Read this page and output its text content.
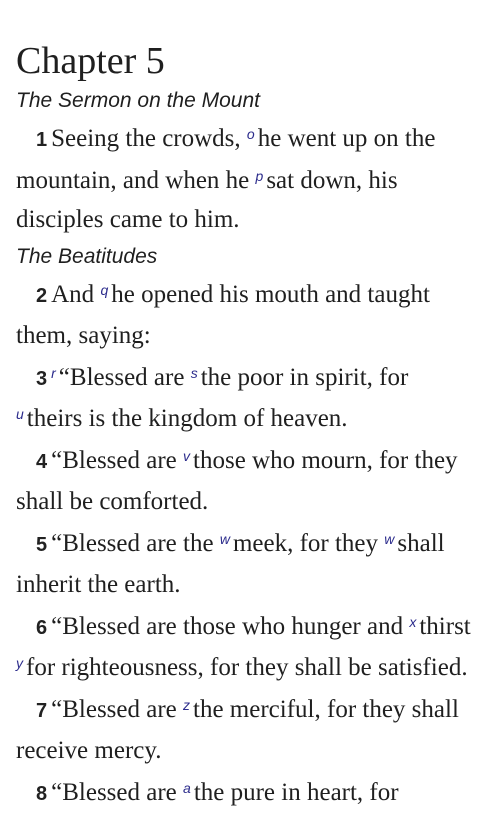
Chapter 5
The Sermon on the Mount

1 Seeing the crowds, $^o$ he went up on the mountain, and when he $^p$ sat down, his disciples came to him.

The Beatitudes

2 And $^q$ he opened his mouth and taught them, saying:

3 $^r$ “Blessed are $^s$ the poor in spirit, for $^u$ theirs is the kingdom of heaven.

4 “Blessed are $^v$ those who mourn, for they shall be comforted.

5 “Blessed are the $^w$ meek, for they $^w$ shall inherit the earth.

6 “Blessed are those who hunger and $^x$ thirst $^y$ for righteousness, for they shall be satisfied.

7 “Blessed are $^z$ the merciful, for they shall receive mercy.

8 “Blessed are $^a$ the pure in heart, for
